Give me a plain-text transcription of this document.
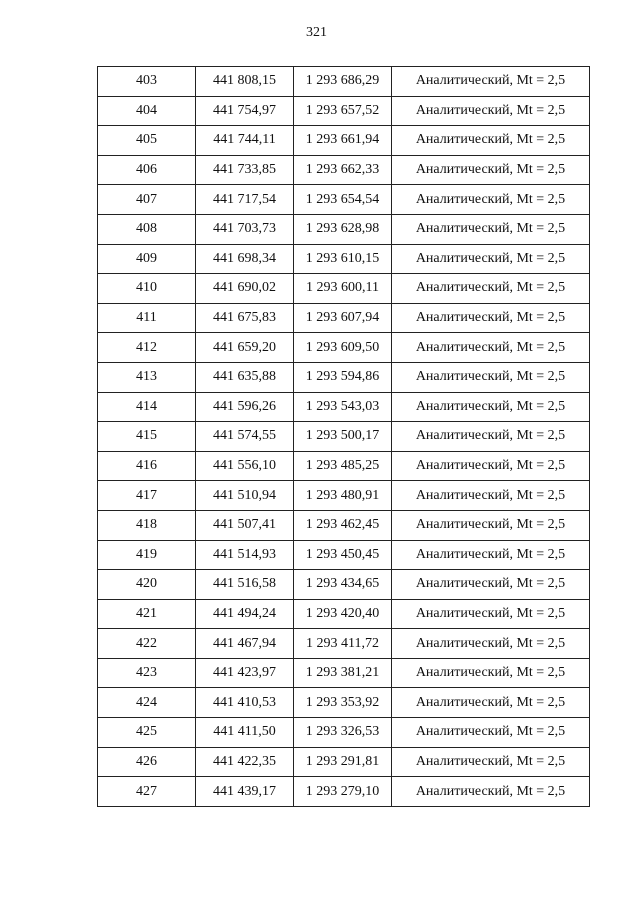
321
403	441 808,15	1 293 686,29	Аналитический, Mt = 2,5
404	441 754,97	1 293 657,52	Аналитический, Mt = 2,5
405	441 744,11	1 293 661,94	Аналитический, Mt = 2,5
406	441 733,85	1 293 662,33	Аналитический, Mt = 2,5
407	441 717,54	1 293 654,54	Аналитический, Mt = 2,5
408	441 703,73	1 293 628,98	Аналитический, Mt = 2,5
409	441 698,34	1 293 610,15	Аналитический, Mt = 2,5
410	441 690,02	1 293 600,11	Аналитический, Mt = 2,5
411	441 675,83	1 293 607,94	Аналитический, Mt = 2,5
412	441 659,20	1 293 609,50	Аналитический, Mt = 2,5
413	441 635,88	1 293 594,86	Аналитический, Mt = 2,5
414	441 596,26	1 293 543,03	Аналитический, Mt = 2,5
415	441 574,55	1 293 500,17	Аналитический, Mt = 2,5
416	441 556,10	1 293 485,25	Аналитический, Mt = 2,5
417	441 510,94	1 293 480,91	Аналитический, Mt = 2,5
418	441 507,41	1 293 462,45	Аналитический, Mt = 2,5
419	441 514,93	1 293 450,45	Аналитический, Mt = 2,5
420	441 516,58	1 293 434,65	Аналитический, Mt = 2,5
421	441 494,24	1 293 420,40	Аналитический, Mt = 2,5
422	441 467,94	1 293 411,72	Аналитический, Mt = 2,5
423	441 423,97	1 293 381,21	Аналитический, Mt = 2,5
424	441 410,53	1 293 353,92	Аналитический, Mt = 2,5
425	441 411,50	1 293 326,53	Аналитический, Mt = 2,5
426	441 422,35	1 293 291,81	Аналитический, Mt = 2,5
427	441 439,17	1 293 279,10	Аналитический, Mt = 2,5
